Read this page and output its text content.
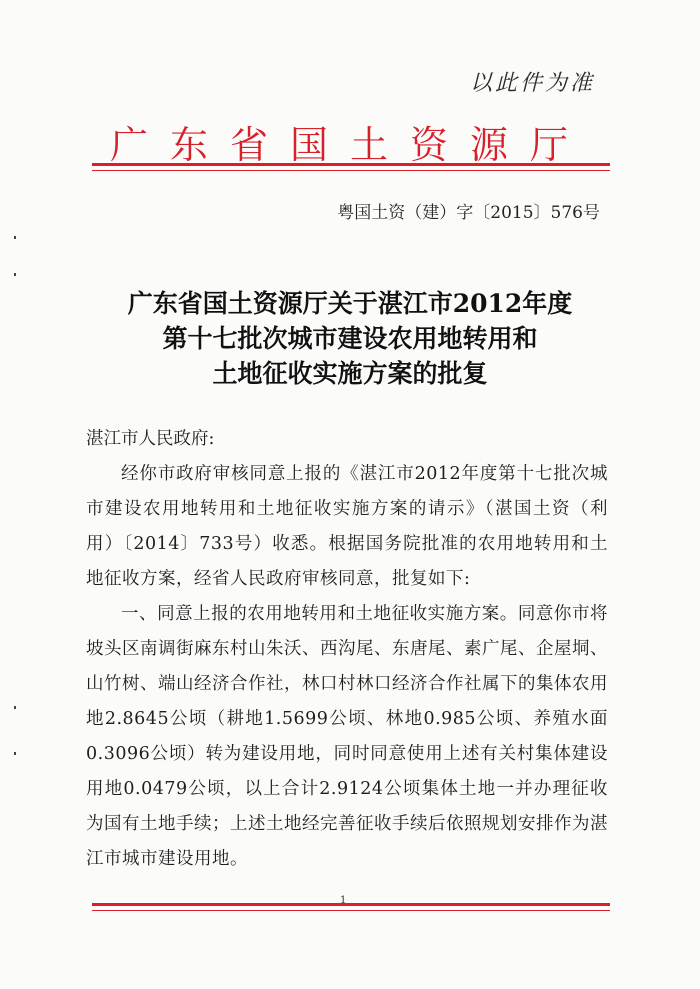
以此件为准
广东省国土资源厅
粤国土资（建）字〔2015〕576号
广东省国土资源厅关于湛江市2012年度
第十七批次城市建设农用地转用和
土地征收实施方案的批复

湛江市人民政府:

经你市政府审核同意上报的《湛江市2012年度第十七批次城市建设农用地转用和土地征收实施方案的请示》（湛国土资（利用）〔2014〕733号）收悉。根据国务院批准的农用地转用和土地征收方案，经省人民政府审核同意，批复如下:

一、同意上报的农用地转用和土地征收实施方案。同意你市将坡头区南调街麻东村山朱沃、西沟尾、东唐尾、素广尾、企屋垌、山竹树、端山经济合作社，林口村林口经济合作社属下的集体农用地2.8645公顷（耕地1.5699公顷、林地0.985公顷、养殖水面0.3096公顷）转为建设用地，同时同意使用上述有关村集体建设用地0.0479公顷，以上合计2.9124公顷集体土地一并办理征收为国有土地手续；上述土地经完善征收手续后依照规划安排作为湛江市城市建设用地。

1
